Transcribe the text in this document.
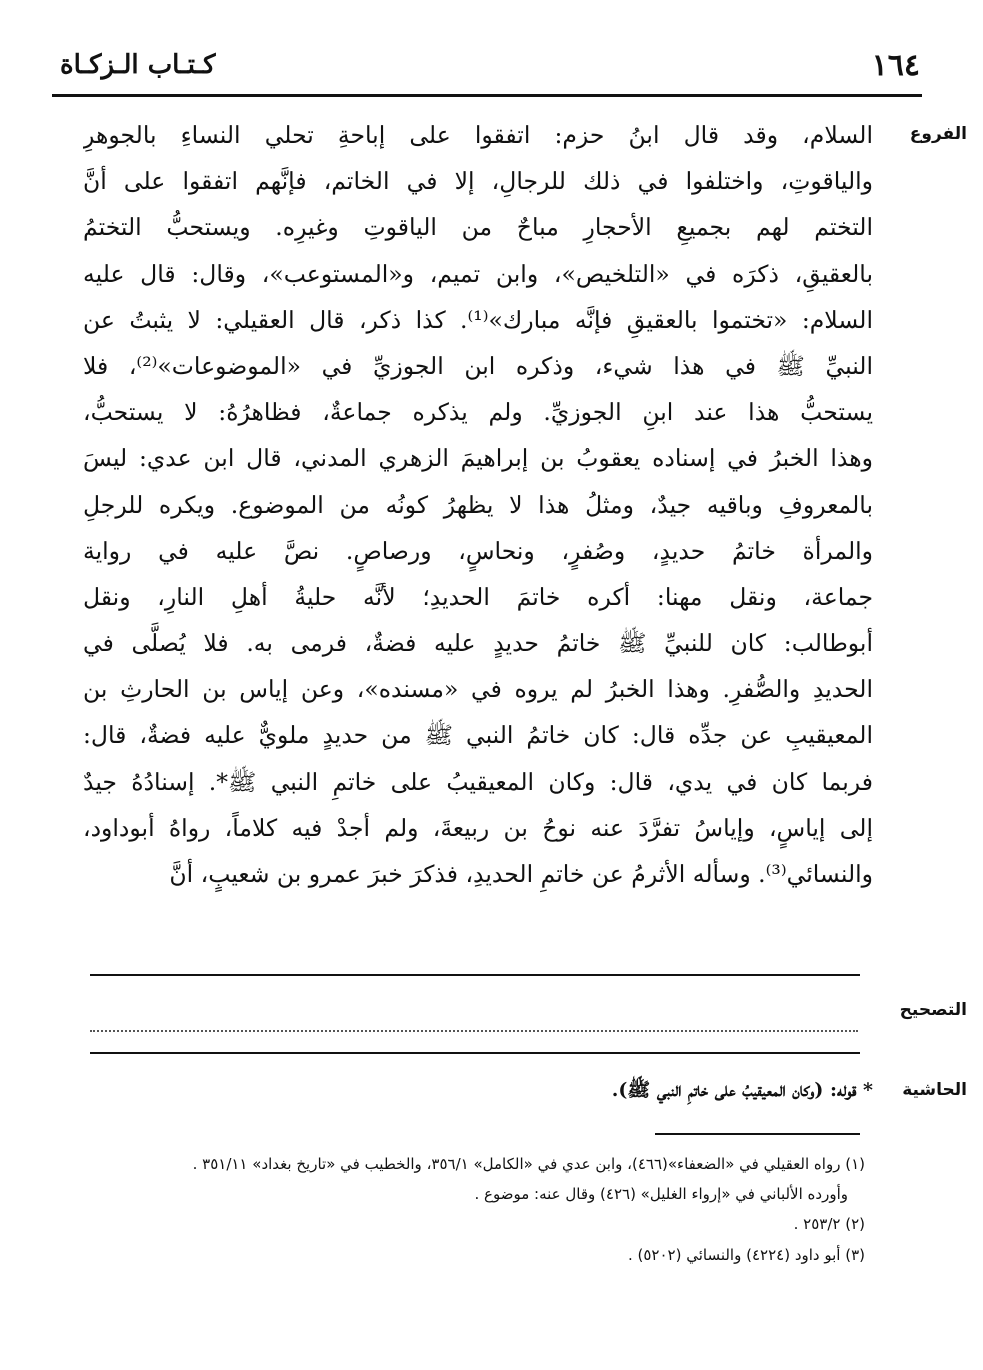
١٦٤
كـتـاب الـزكـاة
الفروع
السلام، وقد قال ابنُ حزم: اتفقوا على إباحةِ تحلي النساءِ بالجوهرِ
والياقوتِ، واختلفوا في ذلك للرجالِ، إلا في الخاتم، فإنَّهم اتفقوا على أنَّ
التختم لهم بجميعِ الأحجارِ مباحٌ من الياقوتِ وغيرِه. ويستحبُّ التختمُ
بالعقيقِ، ذكرَه في «التلخيص»، وابن تميم، و«المستوعب»، وقال: قال عليه
السلام: «تختموا بالعقيقِ فإنَّه مبارك»⁽¹⁾. كذا ذكر، قال العقيلي: لا يثبتُ عن
النبيِّ ﷺ في هذا شيء، وذكره ابن الجوزيِّ في «الموضوعات»⁽²⁾، فلا
يستحبُّ هذا عند ابنِ الجوزيِّ. ولم يذكره جماعةٌ، فظاهرُهُ: لا يستحبُّ،
وهذا الخبرُ في إسناده يعقوبُ بن إبراهيمَ الزهري المدني، قال ابن عدي: ليسَ
بالمعروفِ وباقيه جيدٌ، ومثلُ هذا لا يظهرُ كونُه من الموضوع. ويكره للرجلِ
والمرأة خاتمُ حديدٍ، وصُفرٍ، ونحاسٍ، ورصاصٍ. نصَّ عليه في رواية
جماعة، ونقل مهنا: أكره خاتمَ الحديدِ؛ لأنَّه حليةُ أهلِ النارِ، ونقل
أبوطالب: كان للنبيِّ ﷺ خاتمُ حديدٍ عليه فضةٌ، فرمى به. فلا يُصلَّى في
الحديدِ والصُّفرِ. وهذا الخبرُ لم يروه في «مسنده»، وعن إياس بن الحارثِ بن
المعيقيبِ عن جدِّه قال: كان خاتمُ النبي ﷺ من حديدٍ ملويٌّ عليه فضةٌ، قال:
فربما كان في يدي، قال: وكان المعيقيبُ على خاتمِ النبي ﷺ*. إسنادُهُ جيدٌ
إلى إياسٍ، وإياسُ تفرَّدَ عنه نوحُ بن ربيعةَ، ولم أجدْ فيه كلاماً، رواهُ أبوداود،
والنسائي⁽³⁾. وسأله الأثرمُ عن خاتمِ الحديدِ، فذكرَ خبرَ عمرو بن شعيبٍ، أنَّ
التصحيح
الحاشية
* قوله: (وكان المعيقيبُ على خاتمِ النبي ﷺ).
(١) رواه العقيلي في «الضعفاء»(٤٦٦)، وابن عدي في «الكامل» ٣٥٦/١، والخطيب في «تاريخ بغداد» ٣٥١/١١ .
وأورده الألباني في «إرواء الغليل» (٤٢٦) وقال عنه: موضوع .
(٢) ٢٥٣/٢ .
(٣) أبو داود (٤٢٢٤) والنسائي (٥٢٠٢) .
